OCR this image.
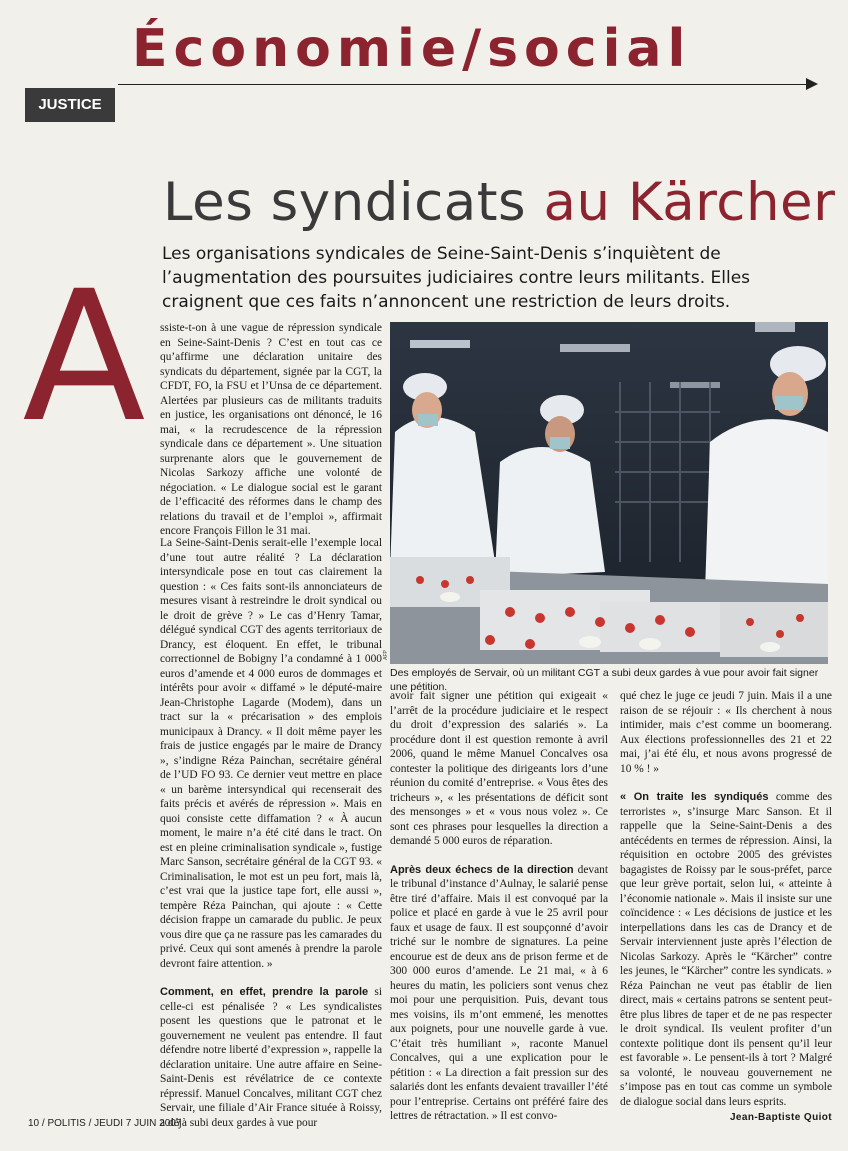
Économie/social
JUSTICE
Les syndicats au Kärcher

Les organisations syndicales de Seine-Saint-Denis s’inquiètent de l’augmentation des poursuites judiciaires contre leurs militants. Elles craignent que ces faits n’annoncent une restriction de leurs droits.

A
AFP
Des employés de Servair, où un militant CGT a subi deux gardes à vue pour avoir fait signer une pétition.

ssiste-t-on à une vague de répression syndicale en Seine-Saint-Denis ? C’est en tout cas ce qu’affirme une déclaration unitaire des syndicats du département, signée par la CGT, la CFDT, FO, la FSU et l’Unsa de ce département. Alertées par plusieurs cas de militants traduits en justice, les organisations ont dénoncé, le 16 mai, « la recrudescence de la répression syndicale dans ce département ». Une situation surprenante alors que le gouvernement de Nicolas Sarkozy affiche une volonté de négociation. « Le dialogue social est le garant de l’efficacité des réformes dans le champ des relations du travail et de l’emploi », affirmait encore François Fillon le 31 mai.

La Seine-Saint-Denis serait-elle l’exemple local d’une tout autre réalité ? La déclaration intersyndicale pose en tout cas clairement la question : « Ces faits sont-ils annonciateurs de mesures visant à restreindre le droit syndical ou le droit de grève ? » Le cas d’Henry Tamar, délégué syndical CGT des agents territoriaux de Drancy, est éloquent. En effet, le tribunal correctionnel de Bobigny l’a condamné à 1 000 euros d’amende et 4 000 euros de dommages et intérêts pour avoir « diffamé » le député-maire Jean-Christophe Lagarde (Modem), dans un tract sur la « précarisation » des emplois municipaux à Drancy. « Il doit même payer les frais de justice engagés par le maire de Drancy », s’indigne Réza Painchan, secrétaire général de l’UD FO 93. Ce dernier veut mettre en place « un barème intersyndical qui recenserait des faits précis et avérés de répression ». Mais en quoi consiste cette diffamation ? « À aucun moment, le maire n’a été cité dans le tract. On est en pleine criminalisation syndicale », fustige Marc Sanson, secrétaire général de la CGT 93. « Criminalisation, le mot est un peu fort, mais là, c’est vrai que la justice tape fort, elle aussi », tempère Réza Painchan, qui ajoute : « Cette décision frappe un camarade du public. Je peux vous dire que ça ne rassure pas les camarades du privé. Ceux qui sont amenés à prendre la parole devront faire attention. »

Comment, en effet, prendre la parole si celle-ci est pénalisée ? « Les syndicalistes posent les questions que le patronat et le gouvernement ne veulent pas entendre. Il faut défendre notre liberté d’expression », rappelle la déclaration unitaire. Une autre affaire en Seine-Saint-Denis est révélatrice de ce contexte répressif. Manuel Concalves, militant CGT chez Servair, une filiale d’Air France située à Roissy, a déjà subi deux gardes à vue pour

avoir fait signer une pétition qui exigeait « l’arrêt de la procédure judiciaire et le respect du droit d’expression des salariés ». La procédure dont il est question remonte à avril 2006, quand le même Manuel Concalves osa contester la politique des dirigeants lors d’une réunion du comité d’entreprise. « Vous êtes des tricheurs », « les présentations de déficit sont des mensonges » et « vous nous volez ». Ce sont ces phrases pour lesquelles la direction a demandé 5 000 euros de réparation.

Après deux échecs de la direction devant le tribunal d’instance d’Aulnay, le salarié pense être tiré d’affaire. Mais il est convoqué par la police et placé en garde à vue le 25 avril pour faux et usage de faux. Il est soupçonné d’avoir triché sur le nombre de signatures. La peine encourue est de deux ans de prison ferme et de 300 000 euros d’amende. Le 21 mai, « à 6 heures du matin, les policiers sont venus chez moi pour une perquisition. Puis, devant tous mes voisins, ils m’ont emmené, les menottes aux poignets, pour une nouvelle garde à vue. C’était très humiliant », raconte Manuel Concalves, qui a une explication pour le pétition : « La direction a fait pression sur des salariés dont les enfants devaient travailler l’été pour l’entreprise. Certains ont préféré faire des lettres de rétractation. » Il est convo-

qué chez le juge ce jeudi 7 juin. Mais il a une raison de se réjouir : « Ils cherchent à nous intimider, mais c’est comme un boomerang. Aux élections professionnelles des 21 et 22 mai, j’ai été élu, et nous avons progressé de 10 % ! »

« On traite les syndiqués comme des terroristes », s’insurge Marc Sanson. Et il rappelle que la Seine-Saint-Denis a des antécédents en termes de répression. Ainsi, la réquisition en octobre 2005 des grévistes bagagistes de Roissy par le sous-préfet, parce que leur grève portait, selon lui, « atteinte à l’économie nationale ». Mais il insiste sur une coïncidence : « Les décisions de justice et les interpellations dans les cas de Drancy et de Servair interviennent juste après l’élection de Nicolas Sarkozy. Après le “Kärcher” contre les jeunes, le “Kärcher” contre les syndicats. » Réza Painchan ne veut pas établir de lien direct, mais « certains patrons se sentent peut-être plus libres de taper et de ne pas respecter le droit syndical. Ils veulent profiter d’un contexte politique dont ils pensent qu’il leur est favorable ». Le pensent-ils à tort ? Malgré sa volonté, le nouveau gouvernement ne s’impose pas en tout cas comme un symbole de dialogue social dans leurs esprits.

Jean-Baptiste Quiot
10 / POLITIS / JEUDI 7 JUIN 2007
